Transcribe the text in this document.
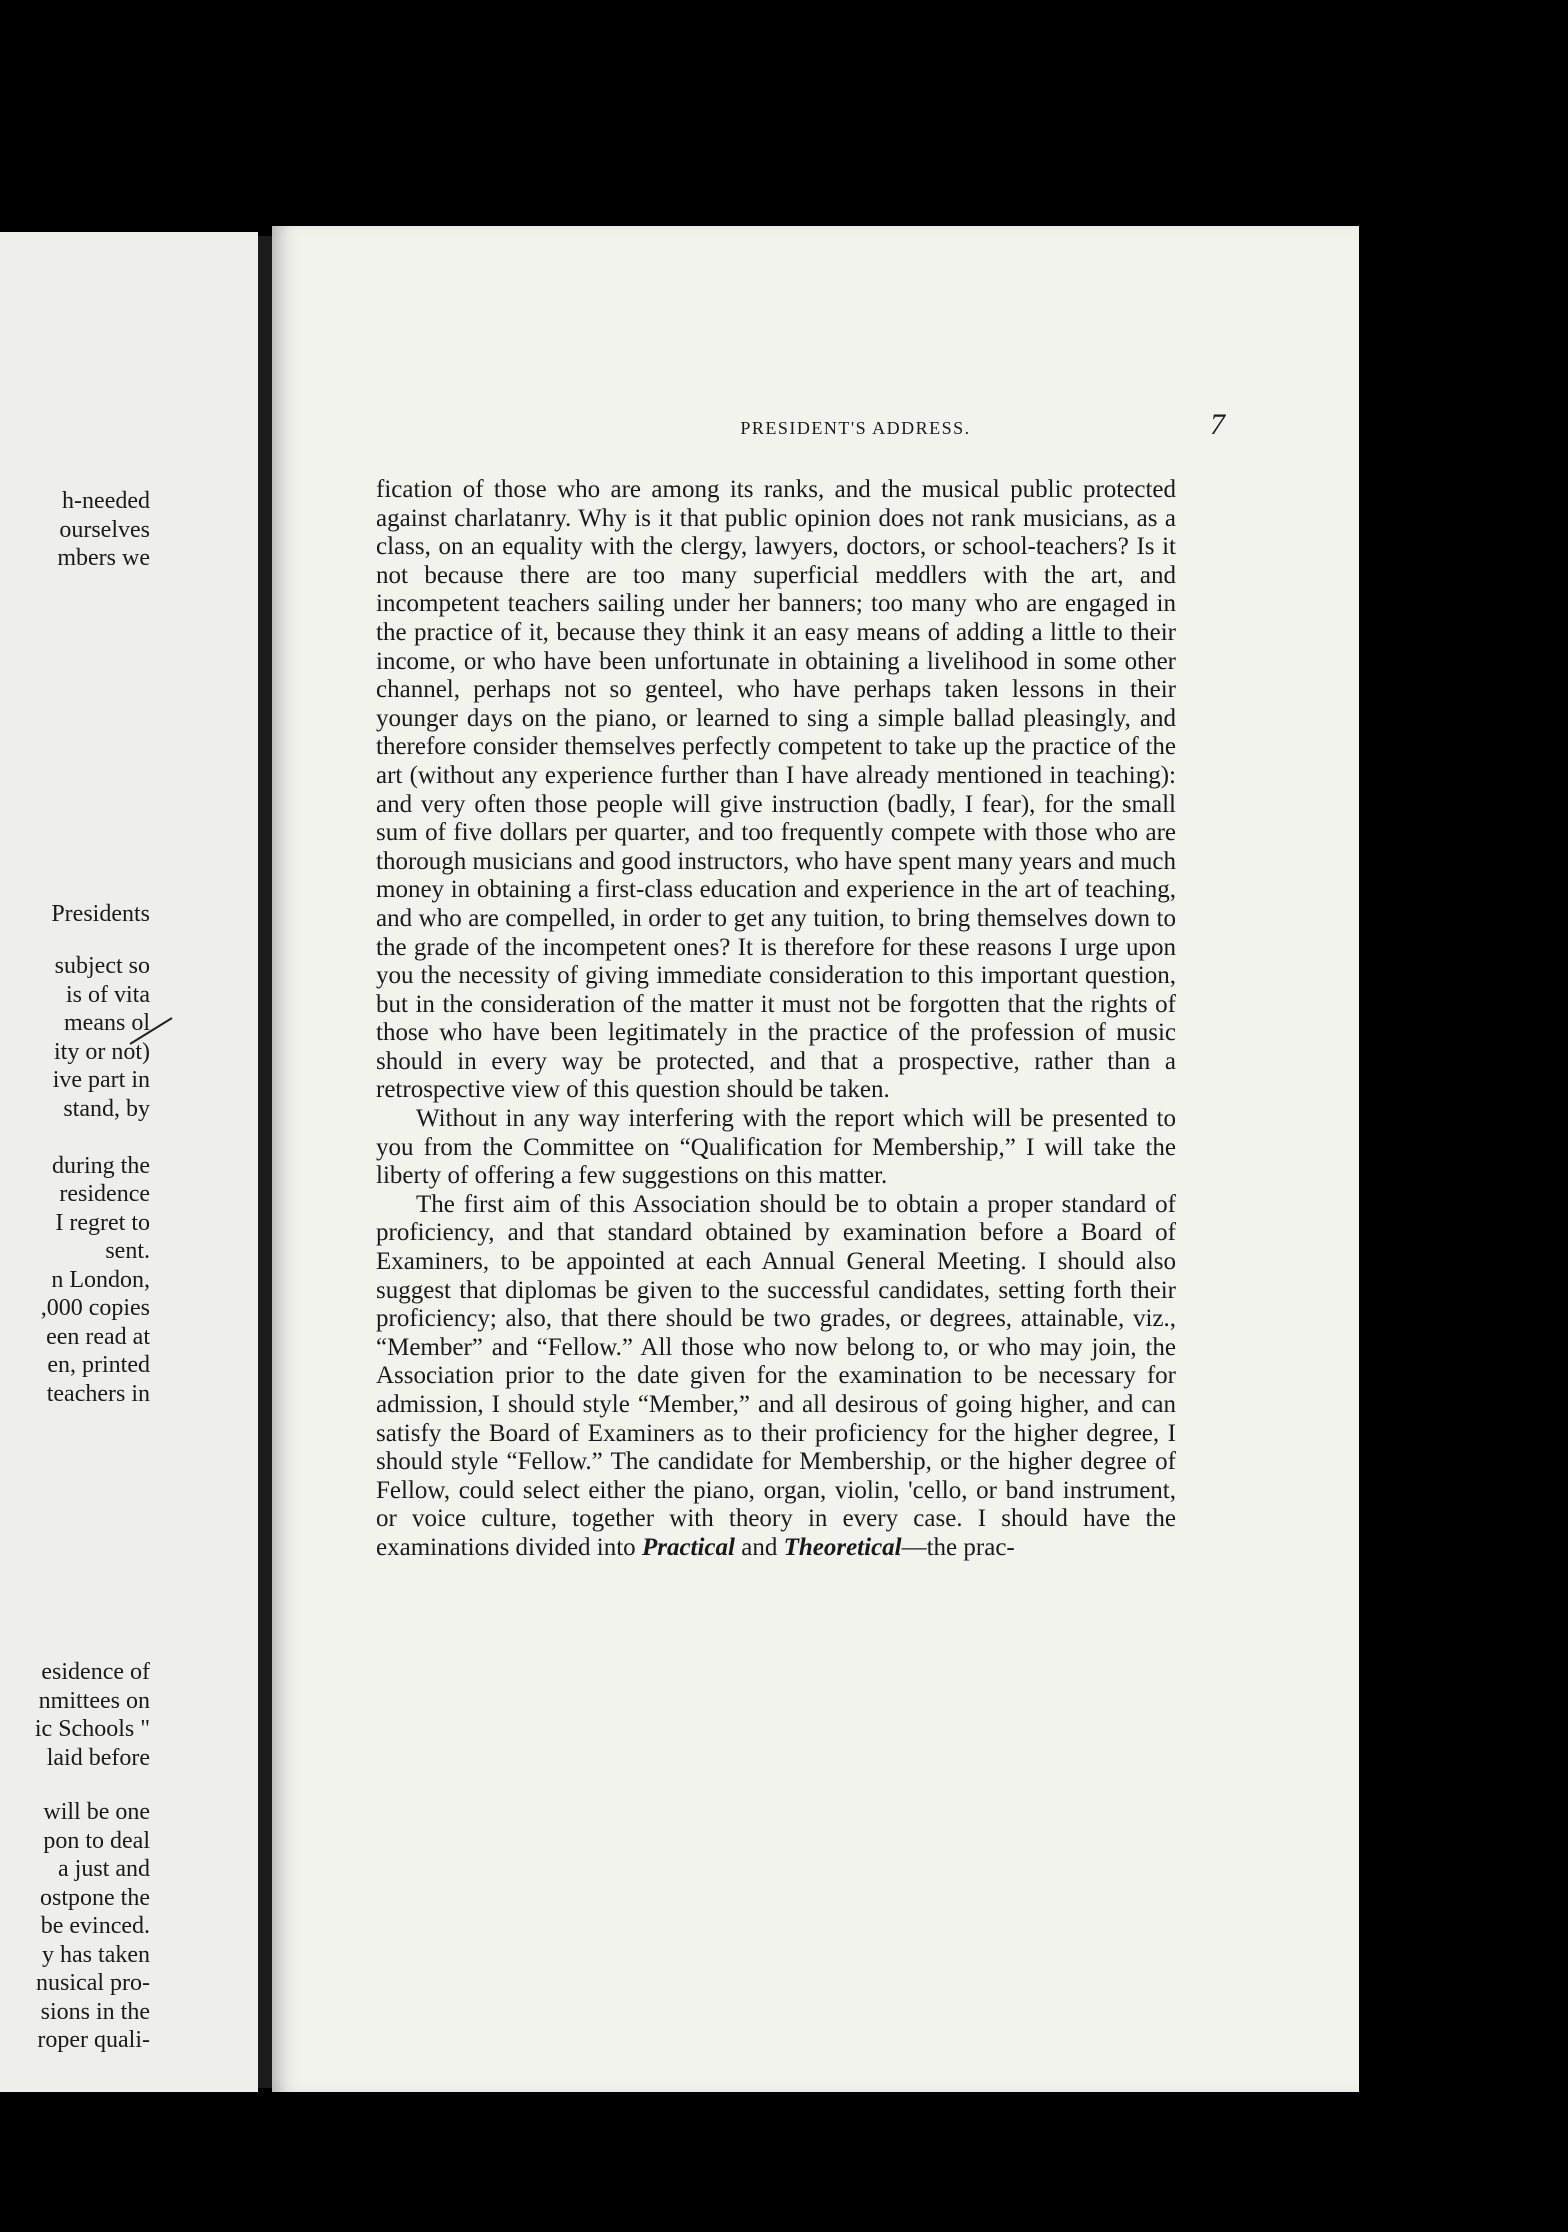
h-needed
ourselves
mbers we
Presidents
subject so
is of vita
means ol
ity or not)
ive part in
stand, by
during the
residence
I regret to
sent.
n London,
,000 copies
een read at
en, printed
teachers in
esidence of
nmittees on
ic Schools "
laid before
will be one
pon to deal
a just and
ostpone the
be evinced.
y has taken
nusical pro-
sions in the
roper quali-
PRESIDENT'S ADDRESS.	7

fication of those who are among its ranks, and the musical public protected against charlatanry. Why is it that public opinion does not rank musicians, as a class, on an equality with the clergy, lawyers, doctors, or school-teachers? Is it not because there are too many superficial meddlers with the art, and incompetent teachers sailing under her banners; too many who are engaged in the practice of it, because they think it an easy means of adding a little to their income, or who have been unfortunate in obtaining a livelihood in some other channel, perhaps not so genteel, who have perhaps taken lessons in their younger days on the piano, or learned to sing a simple ballad pleasingly, and therefore consider themselves perfectly competent to take up the practice of the art (without any experience further than I have already mentioned in teaching): and very often those people will give instruction (badly, I fear), for the small sum of five dollars per quarter, and too frequently compete with those who are thorough musicians and good instructors, who have spent many years and much money in obtaining a first-class education and experience in the art of teaching, and who are compelled, in order to get any tuition, to bring themselves down to the grade of the incompetent ones? It is therefore for these reasons I urge upon you the necessity of giving immediate consideration to this important question, but in the consideration of the matter it must not be forgotten that the rights of those who have been legitimately in the practice of the profession of music should in every way be protected, and that a prospective, rather than a retrospective view of this question should be taken.

Without in any way interfering with the report which will be presented to you from the Committee on “Qualification for Membership,” I will take the liberty of offering a few suggestions on this matter.

The first aim of this Association should be to obtain a proper standard of proficiency, and that standard obtained by examination before a Board of Examiners, to be appointed at each Annual General Meeting. I should also suggest that diplomas be given to the successful candidates, setting forth their proficiency; also, that there should be two grades, or degrees, attainable, viz., “Member” and “Fellow.” All those who now belong to, or who may join, the Association prior to the date given for the examination to be necessary for admission, I should style “Member,” and all desirous of going higher, and can satisfy the Board of Examiners as to their proficiency for the higher degree, I should style “Fellow.” The candidate for Membership, or the higher degree of Fellow, could select either the piano, organ, violin, 'cello, or band instrument, or voice culture, together with theory in every case. I should have the examinations divided into Practical and Theoretical—the prac-
